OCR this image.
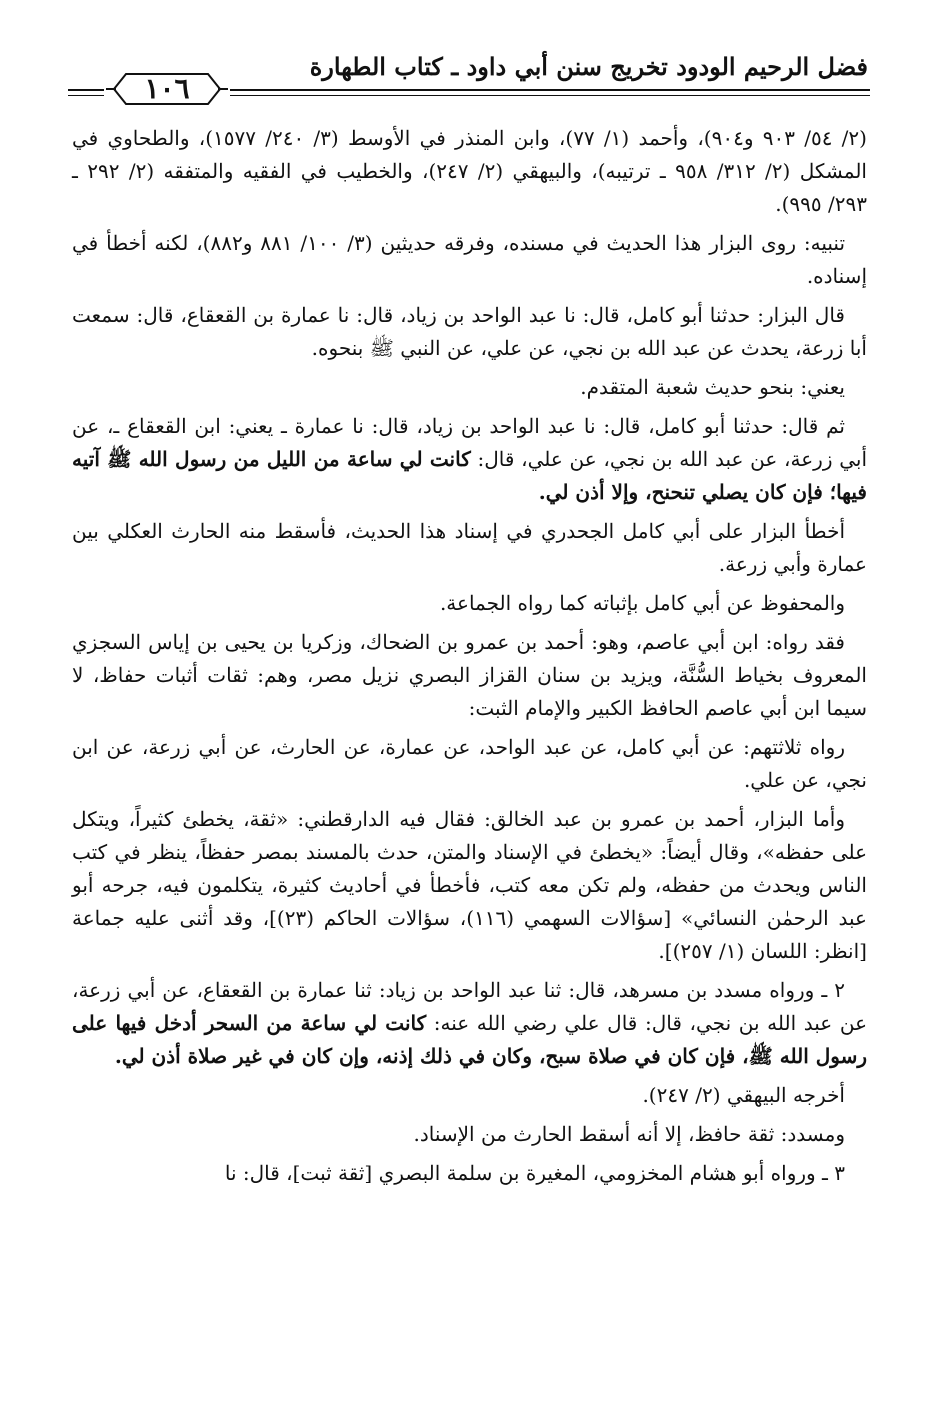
فضل الرحيم الودود تخريج سنن أبي داود ـ كتاب الطهارة
١٠٦

(٢/ ٥٤/ ٩٠٣ و٩٠٤)، وأحمد (١/ ٧٧)، وابن المنذر في الأوسط (٣/ ٢٤٠/ ١٥٧٧)، والطحاوي في المشكل (٢/ ٣١٢/ ٩٥٨ ـ ترتيبه)، والبيهقي (٢/ ٢٤٧)، والخطيب في الفقيه والمتفقه (٢/ ٢٩٢ ـ ٢٩٣/ ٩٩٥).

تنبيه: روى البزار هذا الحديث في مسنده، وفرقه حديثين (٣/ ١٠٠/ ٨٨١ و٨٨٢)، لكنه أخطأ في إسناده.

قال البزار: حدثنا أبو كامل، قال: نا عبد الواحد بن زياد، قال: نا عمارة بن القعقاع، قال: سمعت أبا زرعة، يحدث عن عبد الله بن نجي، عن علي، عن النبي ﷺ بنحوه.

يعني: بنحو حديث شعبة المتقدم.

ثم قال: حدثنا أبو كامل، قال: نا عبد الواحد بن زياد، قال: نا عمارة ـ يعني: ابن القعقاع ـ، عن أبي زرعة، عن عبد الله بن نجي، عن علي، قال: كانت لي ساعة من الليل من رسول الله ﷺ آتيه فيها؛ فإن كان يصلي تنحنح، وإلا أذن لي.

أخطأ البزار على أبي كامل الجحدري في إسناد هذا الحديث، فأسقط منه الحارث العكلي بين عمارة وأبي زرعة.

والمحفوظ عن أبي كامل بإثباته كما رواه الجماعة.

فقد رواه: ابن أبي عاصم، وهو: أحمد بن عمرو بن الضحاك، وزكريا بن يحيى بن إياس السجزي المعروف بخياط السُّنَّة، ويزيد بن سنان القزاز البصري نزيل مصر، وهم: ثقات أثبات حفاظ، لا سيما ابن أبي عاصم الحافظ الكبير والإمام الثبت:

رواه ثلاثتهم: عن أبي كامل، عن عبد الواحد، عن عمارة، عن الحارث، عن أبي زرعة، عن ابن نجي، عن علي.

وأما البزار، أحمد بن عمرو بن عبد الخالق: فقال فيه الدارقطني: «ثقة، يخطئ كثيراً، ويتكل على حفظه»، وقال أيضاً: «يخطئ في الإسناد والمتن، حدث بالمسند بمصر حفظاً، ينظر في كتب الناس ويحدث من حفظه، ولم تكن معه كتب، فأخطأ في أحاديث كثيرة، يتكلمون فيه، جرحه أبو عبد الرحمٰن النسائي» [سؤالات السهمي (١١٦)، سؤالات الحاكم (٢٣)]، وقد أثنى عليه جماعة [انظر: اللسان (١/ ٢٥٧)].

٢ ـ ورواه مسدد بن مسرهد، قال: ثنا عبد الواحد بن زياد: ثنا عمارة بن القعقاع، عن أبي زرعة، عن عبد الله بن نجي، قال: قال علي رضي الله عنه: كانت لي ساعة من السحر أدخل فيها على رسول الله ﷺ، فإن كان في صلاة سبح، وكان في ذلك إذنه، وإن كان في غير صلاة أذن لي.

أخرجه البيهقي (٢/ ٢٤٧).

ومسدد: ثقة حافظ، إلا أنه أسقط الحارث من الإسناد.

٣ ـ ورواه أبو هشام المخزومي، المغيرة بن سلمة البصري [ثقة ثبت]، قال: نا
